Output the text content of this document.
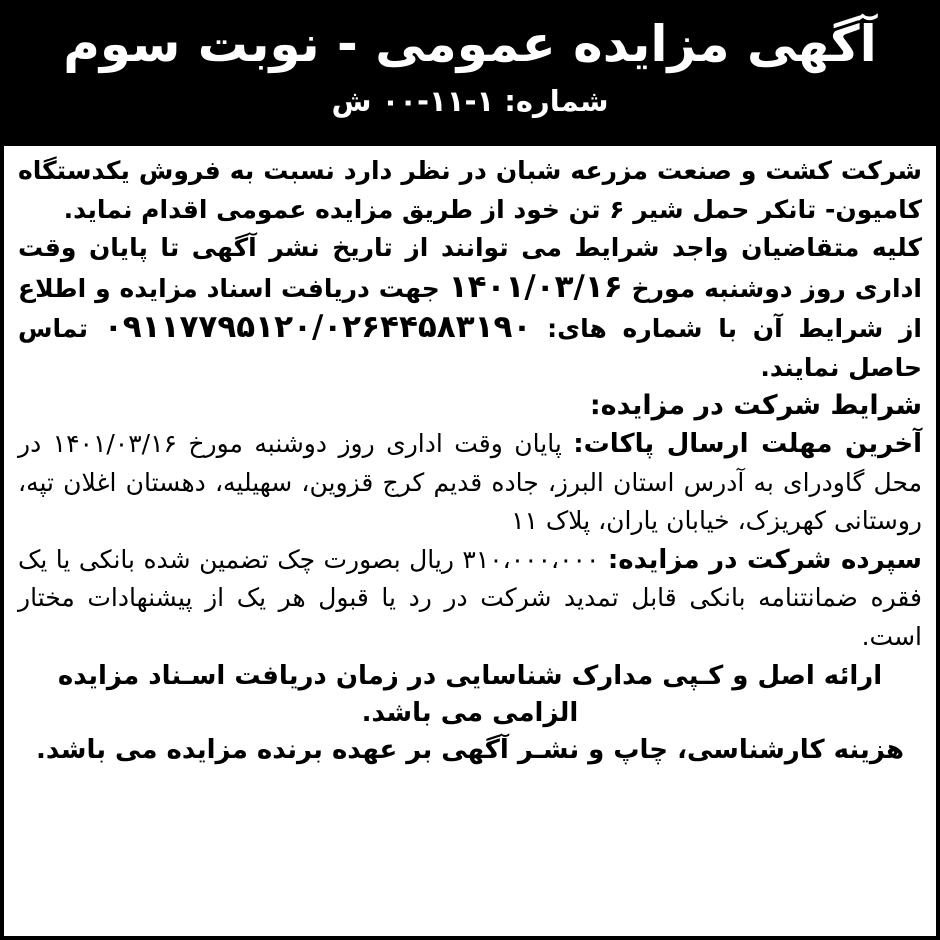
آگهی مزایده عمومی - نوبت سوم
شماره: ۱-۱۱-۰۰ ش

شرکت کشت و صنعت مزرعه شبان در نظر دارد نسبت به فروش یکدستگاه کامیون- تانکر حمل شیر ۶ تن خود از طریق مزایده عمومی اقدام نماید.

کلیه متقاضیان واجد شرایط می توانند از تاریخ نشر آگهی تا پایان وقت اداری روز دوشنبه مورخ ۱۴۰۱/۰۳/۱۶ جهت دریافت اسناد مزایده و اطلاع از شرایط آن با شماره های: ۰۹۱۱۷۷۹۵۱۲۰/۰۲۶۴۴۵۸۳۱۹۰ تماس حاصل نمایند.

شرایط شرکت در مزایده:

آخرین مهلت ارسال پاکات: پایان وقت اداری روز دوشنبه مورخ ۱۴۰۱/۰۳/۱۶ در محل گاودرای به آدرس استان البرز، جاده قدیم کرج قزوین، سهیلیه، دهستان اغلان تپه، روستانی کهریزک، خیابان یاران، پلاک ۱۱

سپرده شرکت در مزایده: ۳۱۰،۰۰۰،۰۰۰ ریال بصورت چک تضمین شده بانکی یا یک فقره ضمانتنامه بانکی قابل تمدید شرکت در رد یا قبول هر یک از پیشنهادات مختار است.

ارائه اصل و کـپی مدارک شناسایی در زمان دریافت اسـناد مزایده

الزامی می باشد.

هزینه کارشناسی، چاپ و نشـر آگهی بر عهده برنده مزایده می باشد.
